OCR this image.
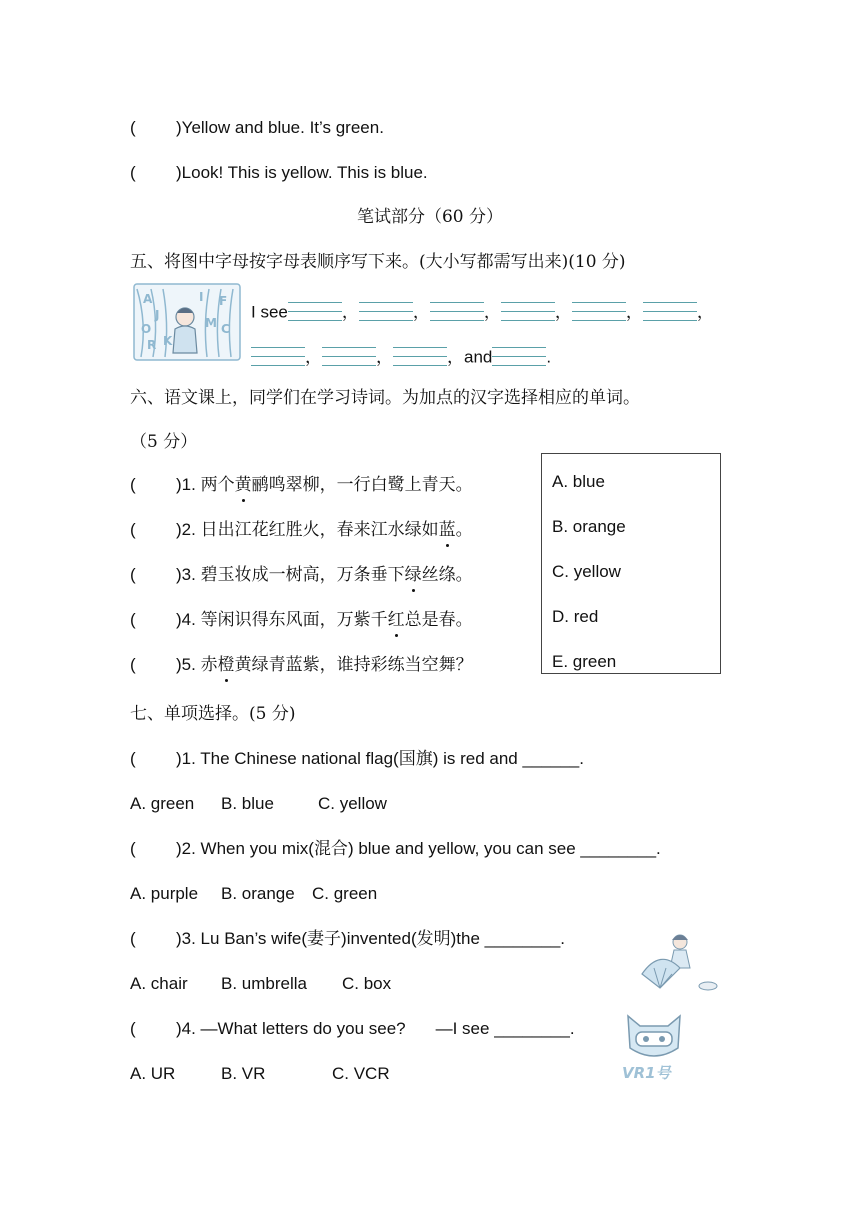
( )Yellow and blue. It’s green.
( )Look! This is yellow. This is blue.
笔试部分（60 分）
五、将图中字母按字母表顺序写下来。(大小写都需写出来)(10 分)
A	I
J
F
O
R
M C
K
I see	，	，	，	，	，	，
，	，	，and	.
六、语文课上，同学们在学习诗词。为加点的汉字选择相应的单词。
（5 分）
( )1. 两个黄鹂鸣翠柳，一行白鹭上青天。
( )2. 日出江花红胜火，春来江水绿如蓝。
( )3. 碧玉妆成一树高，万条垂下绿丝绦。
( )4. 等闲识得东风面，万紫千红总是春。
( )5. 赤橙黄绿青蓝紫，谁持彩练当空舞？
A. blue
B. orange
C. yellow
D. red
E. green
七、单项选择。(5 分)
( )1. The Chinese national flag(国旗) is red and ______.
A. green B. blue	C. yellow
( )2. When you mix(混合) blue and yellow, you can see ________.
A. purple B. orange C. green
( )3. Lu Ban’s wife(妻子)invented(发明)the ________.
A. chair B. umbrella C. box
( )4. —What letters do you see? —I see ________.
A. UR	B. VR	C. VCR	VR1号
